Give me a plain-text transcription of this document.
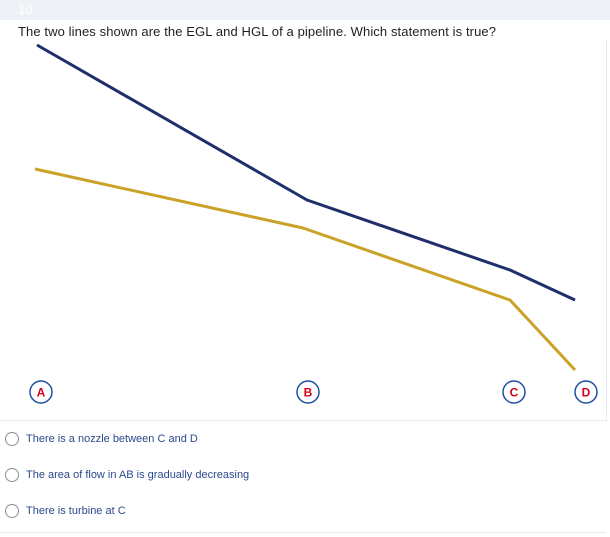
10
The two lines shown are the EGL and HGL of a pipeline. Which statement is true?
A	B	C	D
There is a nozzle between C and D
The area of flow in AB is gradually decreasing
There is turbine at C
